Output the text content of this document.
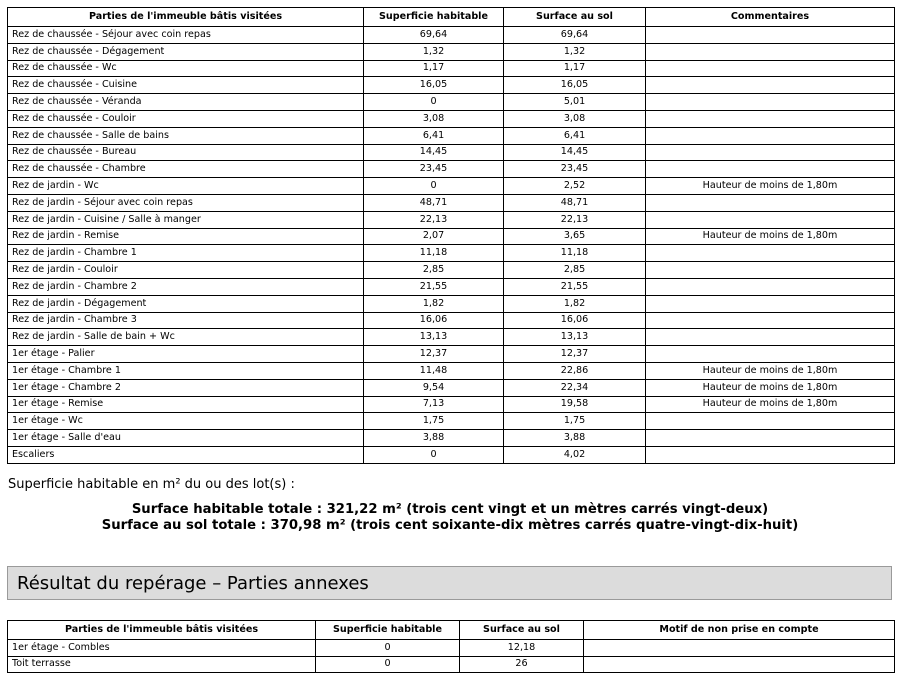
Parties de l'immeuble bâtis visitées	Superficie habitable	Surface au sol	Commentaires
Rez de chaussée - Séjour avec coin repas	69,64	69,64	
Rez de chaussée - Dégagement	1,32	1,32	
Rez de chaussée - Wc	1,17	1,17	
Rez de chaussée - Cuisine	16,05	16,05	
Rez de chaussée - Véranda	0	5,01	
Rez de chaussée - Couloir	3,08	3,08	
Rez de chaussée - Salle de bains	6,41	6,41	
Rez de chaussée - Bureau	14,45	14,45	
Rez de chaussée - Chambre	23,45	23,45	
Rez de jardin - Wc	0	2,52	Hauteur de moins de 1,80m
Rez de jardin - Séjour avec coin repas	48,71	48,71	
Rez de jardin - Cuisine / Salle à manger	22,13	22,13	
Rez de jardin - Remise	2,07	3,65	Hauteur de moins de 1,80m
Rez de jardin - Chambre 1	11,18	11,18	
Rez de jardin - Couloir	2,85	2,85	
Rez de jardin - Chambre 2	21,55	21,55	
Rez de jardin - Dégagement	1,82	1,82	
Rez de jardin - Chambre 3	16,06	16,06	
Rez de jardin - Salle de bain + Wc	13,13	13,13	
1er étage - Palier	12,37	12,37	
1er étage - Chambre 1	11,48	22,86	Hauteur de moins de 1,80m
1er étage - Chambre 2	9,54	22,34	Hauteur de moins de 1,80m
1er étage - Remise	7,13	19,58	Hauteur de moins de 1,80m
1er étage - Wc	1,75	1,75	
1er étage - Salle d'eau	3,88	3,88	
Escaliers	0	4,02	
Superficie habitable en m² du ou des lot(s) :
Surface habitable totale : 321,22 m² (trois cent vingt et un mètres carrés vingt-deux)
Surface au sol totale : 370,98 m² (trois cent soixante-dix mètres carrés quatre-vingt-dix-huit)
Résultat du repérage – Parties annexes
Parties de l'immeuble bâtis visitées	Superficie habitable	Surface au sol	Motif de non prise en compte
1er étage - Combles	0	12,18	
Toit terrasse	0	26	
